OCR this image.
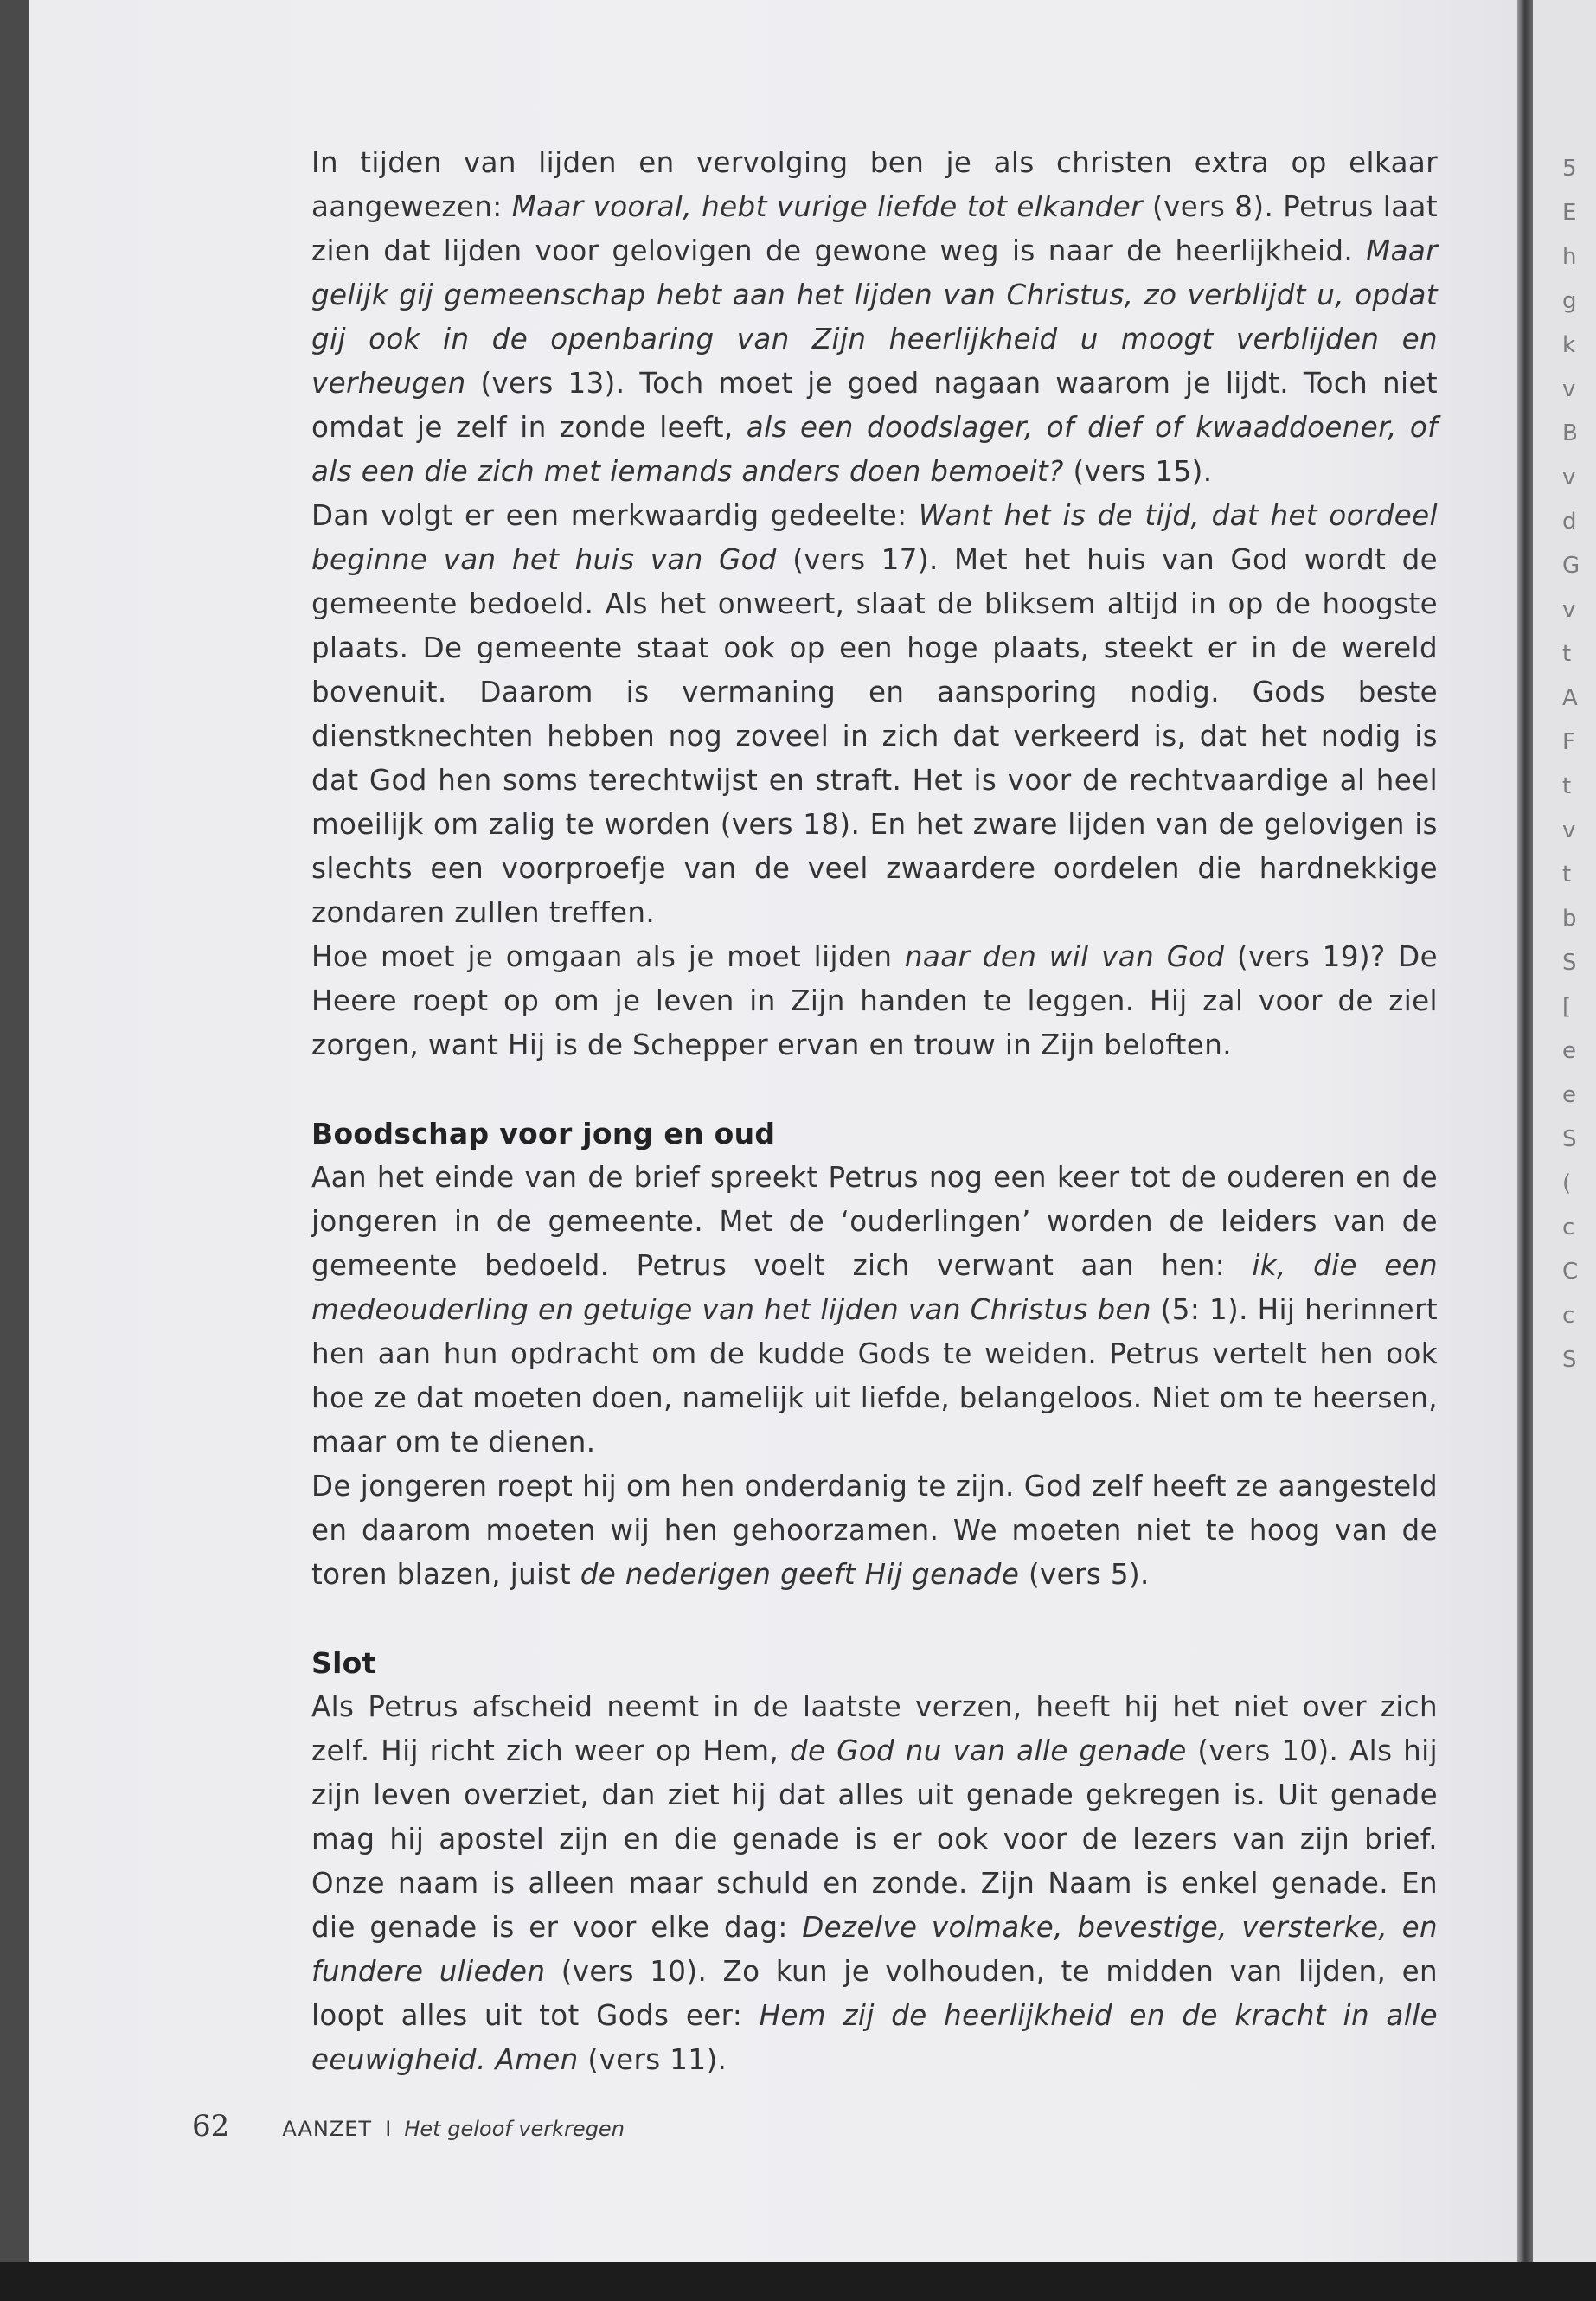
In tijden van lijden en vervolging ben je als christen extra op elkaar aangewezen: Maar vooral, hebt vurige liefde tot elkander (vers 8). Petrus laat zien dat lijden voor gelovigen de gewone weg is naar de heerlijkheid. Maar gelijk gij gemeenschap hebt aan het lijden van Christus, zo verblijdt u, opdat gij ook in de openbaring van Zijn heerlijkheid u moogt verblijden en verheugen (vers 13). Toch moet je goed nagaan waarom je lijdt. Toch niet omdat je zelf in zonde leeft, als een doodslager, of dief of kwaaddoener, of als een die zich met iemands anders doen bemoeit? (vers 15).

Dan volgt er een merkwaardig gedeelte: Want het is de tijd, dat het oordeel beginne van het huis van God (vers 17). Met het huis van God wordt de gemeente bedoeld. Als het onweert, slaat de bliksem altijd in op de hoogste plaats. De gemeente staat ook op een hoge plaats, steekt er in de wereld bovenuit. Daarom is vermaning en aansporing nodig. Gods beste dienstknechten hebben nog zoveel in zich dat verkeerd is, dat het nodig is dat God hen soms terechtwijst en straft. Het is voor de rechtvaardige al heel moeilijk om zalig te worden (vers 18). En het zware lijden van de gelovigen is slechts een voorproefje van de veel zwaardere oordelen die hardnekkige zondaren zullen treffen.

Hoe moet je omgaan als je moet lijden naar den wil van God (vers 19)? De Heere roept op om je leven in Zijn handen te leggen. Hij zal voor de ziel zorgen, want Hij is de Schepper ervan en trouw in Zijn beloften.

Boodschap voor jong en oud

Aan het einde van de brief spreekt Petrus nog een keer tot de ouderen en de jongeren in de gemeente. Met de ‘ouderlingen’ worden de leiders van de gemeente bedoeld. Petrus voelt zich verwant aan hen: ik, die een medeouderling en getuige van het lijden van Christus ben (5: 1). Hij herinnert hen aan hun opdracht om de kudde Gods te weiden. Petrus vertelt hen ook hoe ze dat moeten doen, namelijk uit liefde, belangeloos. Niet om te heersen, maar om te dienen.

De jongeren roept hij om hen onderdanig te zijn. God zelf heeft ze aangesteld en daarom moeten wij hen gehoorzamen. We moeten niet te hoog van de toren blazen, juist de nederigen geeft Hij genade (vers 5).

Slot

Als Petrus afscheid neemt in de laatste verzen, heeft hij het niet over zich zelf. Hij richt zich weer op Hem, de God nu van alle genade (vers 10). Als hij zijn leven overziet, dan ziet hij dat alles uit genade gekregen is. Uit genade mag hij apostel zijn en die genade is er ook voor de lezers van zijn brief. Onze naam is alleen maar schuld en zonde. Zijn Naam is enkel genade. En die genade is er voor elke dag: Dezelve volmake, bevestige, versterke, en fundere ulieden (vers 10). Zo kun je volhouden, te midden van lijden, en loopt alles uit tot Gods eer: Hem zij de heerlijkheid en de kracht in alle eeuwigheid. Amen (vers 11).

62	AANZET I Het geloof verkregen
5
E
h
g
k
v
B
v
d
G
v
t
A
F
t
v
t
b
S
[
e
e
S
(
c
C
c
S
